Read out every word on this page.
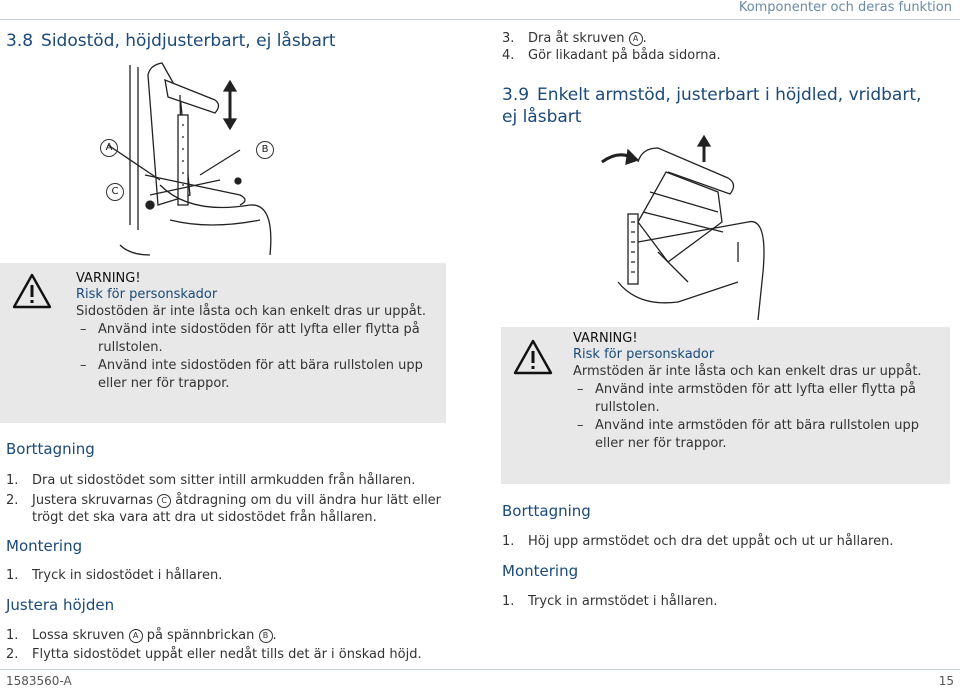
Komponenter och deras funktion
3.8 Sidostöd, höjdjusterbart, ej låsbart
A	B
C
VARNING!
Risk för personskador
Sidostöden är inte låsta och kan enkelt dras ur uppåt.
– Använd inte sidostöden för att lyfta eller flytta på rullstolen.
– Använd inte sidostöden för att bära rullstolen upp eller ner för trappor.
Borttagning
1. Dra ut sidostödet som sitter intill armkudden från hållaren.
2. Justera skruvarnas C åtdragning om du vill ändra hur lätt eller trögt det ska vara att dra ut sidostödet från hållaren.
Montering
1. Tryck in sidostödet i hållaren.
Justera höjden
1. Lossa skruven A på spännbrickan B .
2. Flytta sidostödet uppåt eller nedåt tills det är i önskad höjd.
3. Dra åt skruven A .
4. Gör likadant på båda sidorna.
3.9 Enkelt armstöd, justerbart i höjdled, vridbart, ej låsbart
VARNING!
Risk för personskador
Armstöden är inte låsta och kan enkelt dras ur uppåt.
– Använd inte armstöden för att lyfta eller flytta på rullstolen.
– Använd inte armstöden för att bära rullstolen upp eller ner för trappor.
Borttagning
1. Höj upp armstödet och dra det uppåt och ut ur hållaren.
Montering
1. Tryck in armstödet i hållaren.
1583560-A	15
